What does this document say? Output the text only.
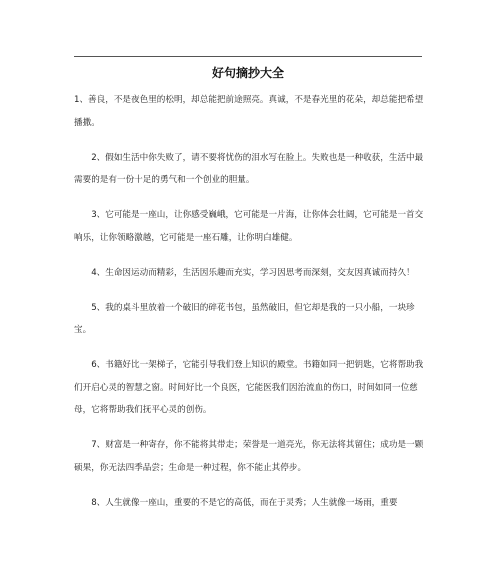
好句摘抄大全

1、善良，不是夜色里的松明，却总能把前途照亮。真诚，不是春光里的花朵，却总能把希望播撒。

2、假如生活中你失败了，请不要将忧伤的泪水写在脸上。失败也是一种收获，生活中最需要的是有一份十足的勇气和一个创业的胆量。

3、它可能是一座山，让你感受巍峨，它可能是一片海，让你体会壮阔，它可能是一首交响乐，让你领略激越，它可能是一座石雕，让你明白雄健。

4、生命因运动而精彩，生活因乐趣而充实，学习因思考而深刻，交友因真诚而持久！

5、我的桌斗里放着一个破旧的碎花书包，虽然破旧，但它却是我的一只小船，一块珍宝。

6、书籍好比一架梯子，它能引导我们登上知识的殿堂。书籍如同一把钥匙，它将帮助我们开启心灵的智慧之窗。时间好比一个良医，它能医我们因治流血的伤口，时间如同一位慈母，它将帮助我们抚平心灵的创伤。

7、财富是一种寄存，你不能将其带走；荣誉是一道亮光，你无法将其留住；成功是一颗硕果，你无法四季品尝；生命是一种过程，你不能止其停步。

8、人生就像一座山，重要的不是它的高低，而在于灵秀；人生就像一场雨，重要
